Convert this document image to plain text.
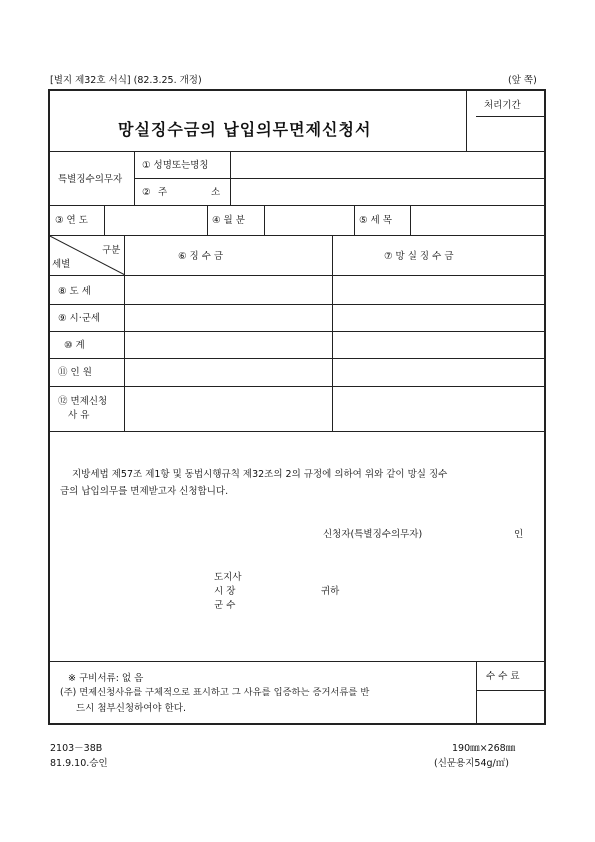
[별지 제32호 서식] (82.3.25. 개정)	(앞 쪽)
망실징수금의 납입의무면제신청서
처리기간
특별징수의무자
① 성명또는명칭
② 주	소
③ 연 도	④ 월 분	⑤ 세 목
구분
세별
⑥ 징 수 금	⑦ 망 실 징 수 금
⑧ 도 세
⑨ 시·군세
⑩ 계
⑪ 인 원
⑫ 면제신청
사 유
지방세법 제57조 제1항 및 동법시행규칙 제32조의 2의 규정에 의하여 위와 같이 망실 징수
금의 납입의무를 면제받고자 신청합니다.
신청자(특별징수의무자)	인
도지사
시 장	귀하
군 수
수 수 료
※ 구비서류: 없 음
(주) 면제신청사유를 구체적으로 표시하고 그 사유를 입증하는 증거서류를 반
드시 첨부신청하여야 한다.
2103－38B
81.9.10.승인
190㎜×268㎜
(신문용지54g/㎡)
